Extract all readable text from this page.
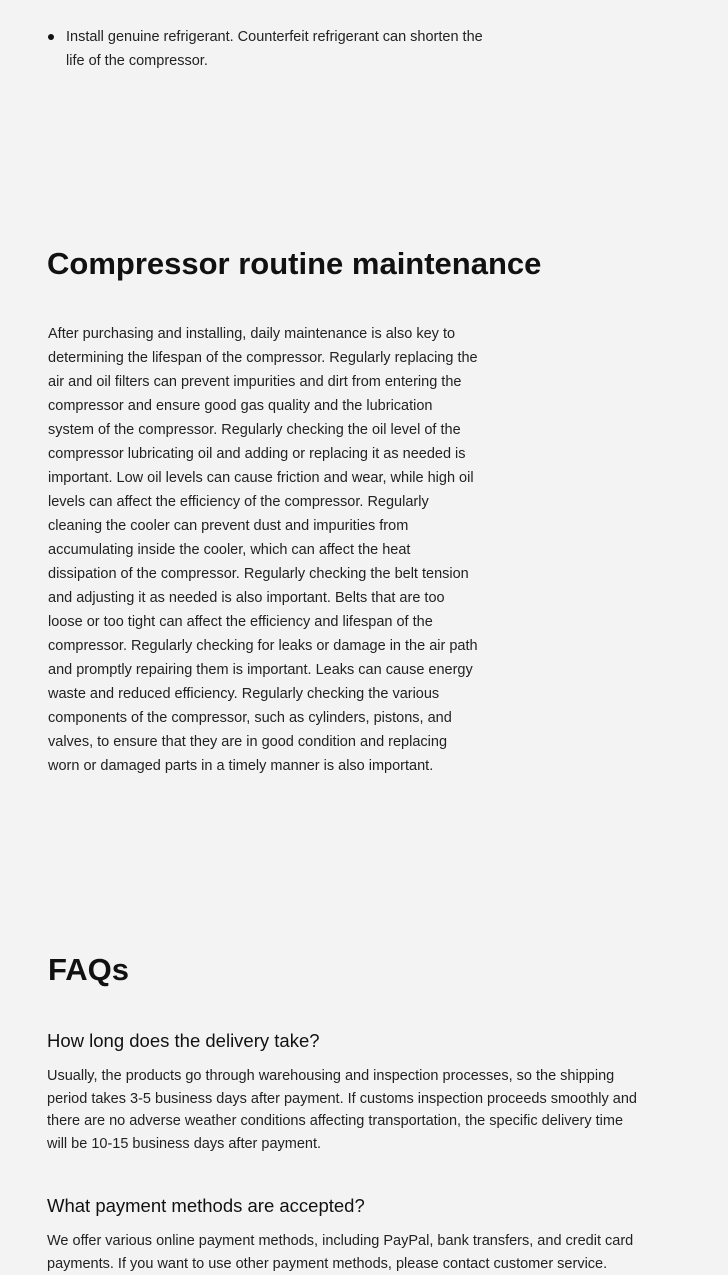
Install genuine refrigerant. Counterfeit refrigerant can shorten the life of the compressor.
Compressor routine maintenance

After purchasing and installing, daily maintenance is also key to determining the lifespan of the compressor. Regularly replacing the air and oil filters can prevent impurities and dirt from entering the compressor and ensure good gas quality and the lubrication system of the compressor. Regularly checking the oil level of the compressor lubricating oil and adding or replacing it as needed is important. Low oil levels can cause friction and wear, while high oil levels can affect the efficiency of the compressor. Regularly cleaning the cooler can prevent dust and impurities from accumulating inside the cooler, which can affect the heat dissipation of the compressor. Regularly checking the belt tension and adjusting it as needed is also important. Belts that are too loose or too tight can affect the efficiency and lifespan of the compressor. Regularly checking for leaks or damage in the air path and promptly repairing them is important. Leaks can cause energy waste and reduced efficiency. Regularly checking the various components of the compressor, such as cylinders, pistons, and valves, to ensure that they are in good condition and replacing worn or damaged parts in a timely manner is also important.

FAQs
How long does the delivery take?

Usually, the products go through warehousing and inspection processes, so the shipping period takes 3-5 business days after payment. If customs inspection proceeds smoothly and there are no adverse weather conditions affecting transportation, the specific delivery time will be 10-15 business days after payment.

What payment methods are accepted?

We offer various online payment methods, including PayPal, bank transfers, and credit card payments. If you want to use other payment methods, please contact customer service.
